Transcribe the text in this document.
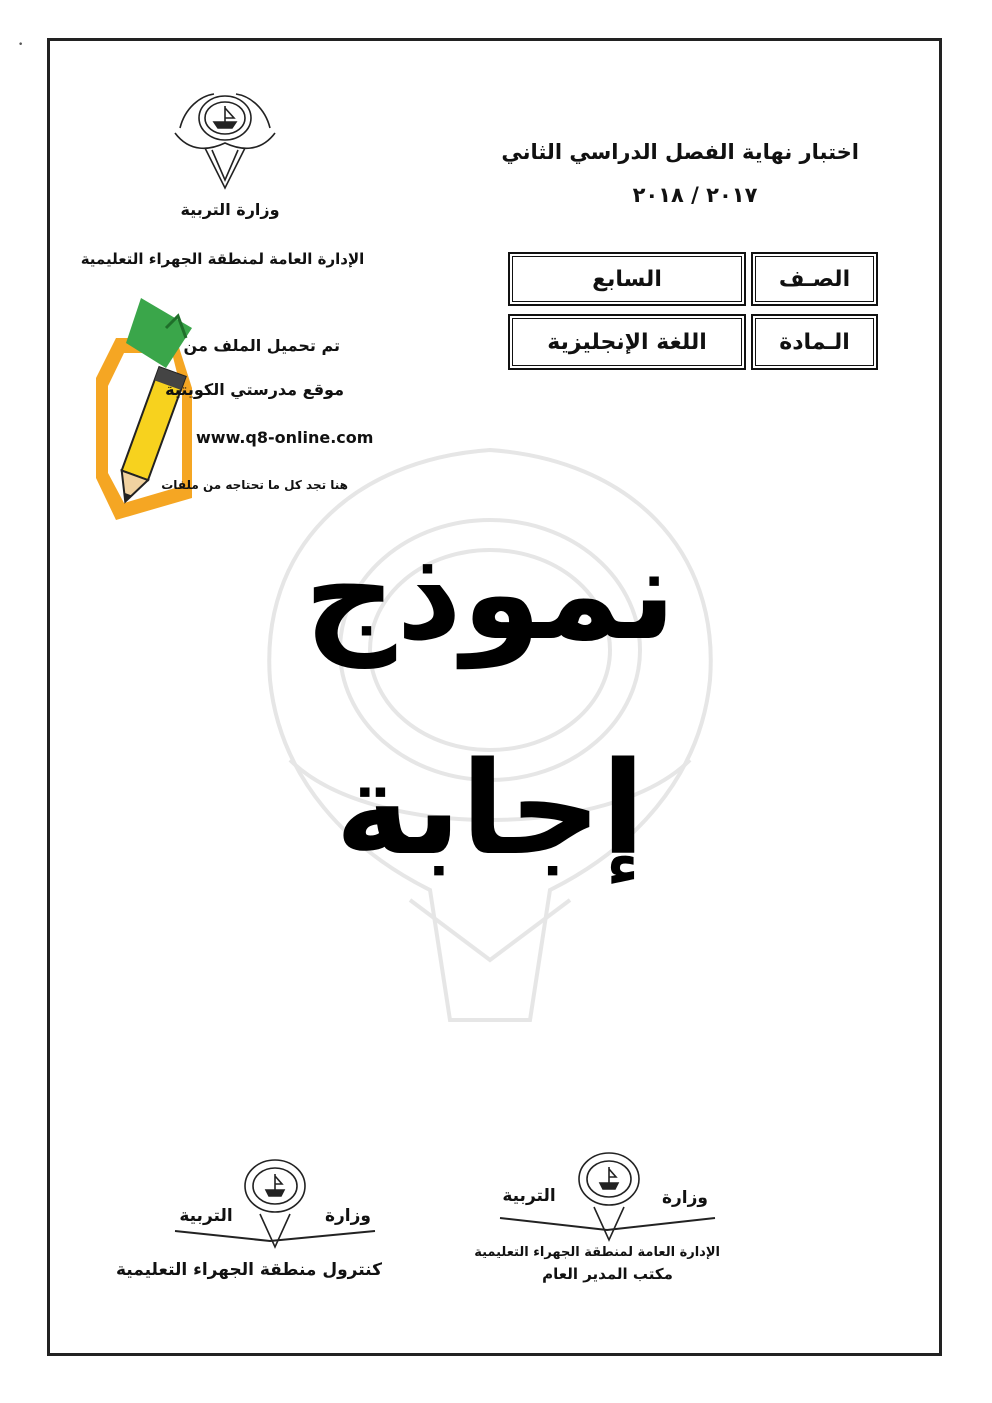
•
اختبار نهاية الفصل الدراسي الثاني
٢٠١٧ / ٢٠١٨
وزارة التربية
الإدارة العامة لمنطقة الجهراء التعليمية
الصـف
السابع
الـمادة
اللغة الإنجليزية
تم تحميل الملف من
موقع مدرستي الكويتية
www.q8-online.com
هنا تجد كل ما تحتاجه من ملفات
نموذج
إجابة
وزارة
التربية
كنترول منطقة الجهراء التعليمية
وزارة
التربية
الإدارة العامة لمنطقة الجهراء التعليمية
مكتب المدير العام
